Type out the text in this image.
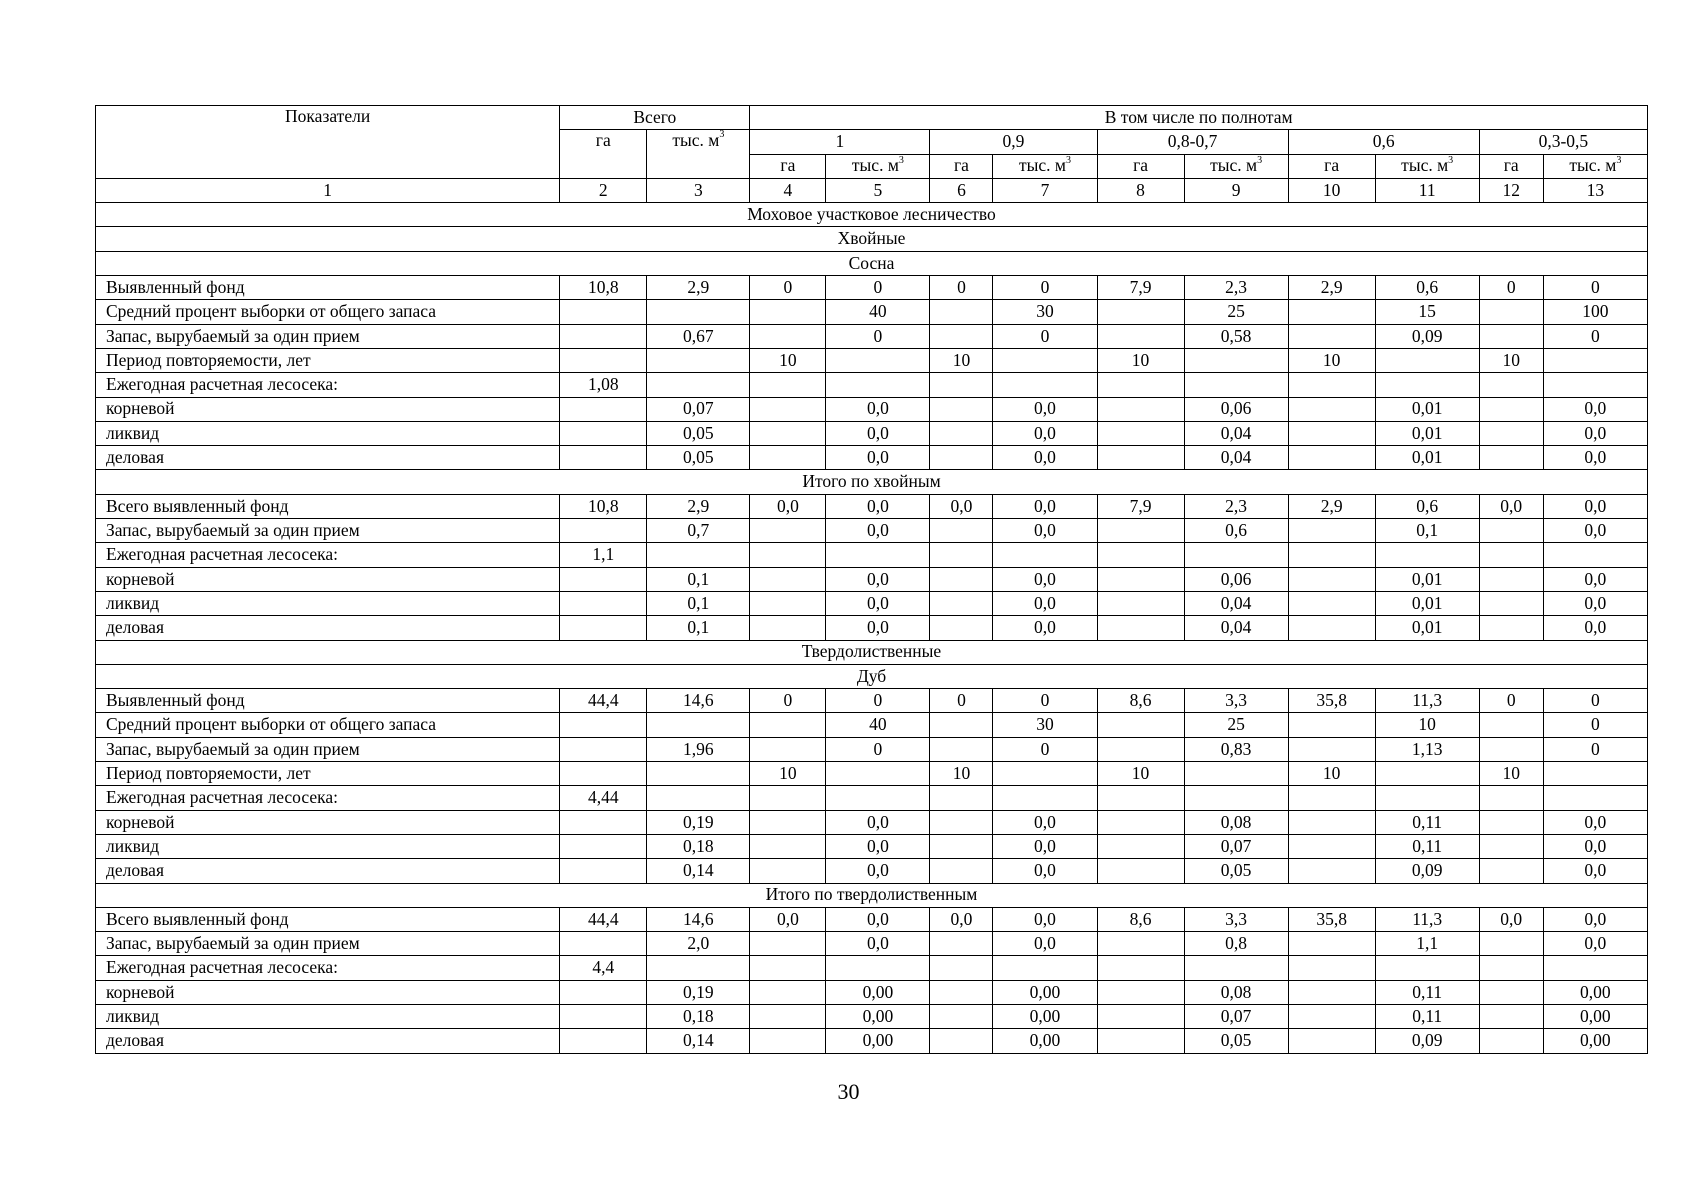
Показатели	Всего		В том числе по полнотам									
	га	тыс. $м^3$	1		0,9		0,8-0,7		0,6		0,3-0,5	
			га	тыс. $м^3$	га	тыс. $м^3$	га	тыс. $м^3$	га	тыс. $м^3$	га	тыс. $м^3$
1	2	3	4	5	6	7	8	9	10	11	12	13
Моховое участковое лесничество												
Хвойные												
Сосна												
Выявленный фонд	10,8	2,9	0	0	0	0	7,9	2,3	2,9	0,6	0	0
Средний процент выборки от общего запаса				40		30		25		15		100
Запас, вырубаемый за один прием		0,67		0		0		0,58		0,09		0
Период повторяемости, лет			10		10		10		10		10	
Ежегодная расчетная лесосека:	1,08											
корневой		0,07		0,0		0,0		0,06		0,01		0,0
ликвид		0,05		0,0		0,0		0,04		0,01		0,0
деловая		0,05		0,0		0,0		0,04		0,01		0,0
Итого по хвойным												
Всего выявленный фонд	10,8	2,9	0,0	0,0	0,0	0,0	7,9	2,3	2,9	0,6	0,0	0,0
Запас, вырубаемый за один прием		0,7		0,0		0,0		0,6		0,1		0,0
Ежегодная расчетная лесосека:	1,1											
корневой		0,1		0,0		0,0		0,06		0,01		0,0
ликвид		0,1		0,0		0,0		0,04		0,01		0,0
деловая		0,1		0,0		0,0		0,04		0,01		0,0
Твердолиственные												
Дуб												
Выявленный фонд	44,4	14,6	0	0	0	0	8,6	3,3	35,8	11,3	0	0
Средний процент выборки от общего запаса				40		30		25		10		0
Запас, вырубаемый за один прием		1,96		0		0		0,83		1,13		0
Период повторяемости, лет			10		10		10		10		10	
Ежегодная расчетная лесосека:	4,44											
корневой		0,19		0,0		0,0		0,08		0,11		0,0
ликвид		0,18		0,0		0,0		0,07		0,11		0,0
деловая		0,14		0,0		0,0		0,05		0,09		0,0
Итого по твердолиственным												
Всего выявленный фонд	44,4	14,6	0,0	0,0	0,0	0,0	8,6	3,3	35,8	11,3	0,0	0,0
Запас, вырубаемый за один прием		2,0		0,0		0,0		0,8		1,1		0,0
Ежегодная расчетная лесосека:	4,4											
корневой		0,19		0,00		0,00		0,08		0,11		0,00
ликвид		0,18		0,00		0,00		0,07		0,11		0,00
деловая		0,14		0,00		0,00		0,05		0,09		0,00
30
